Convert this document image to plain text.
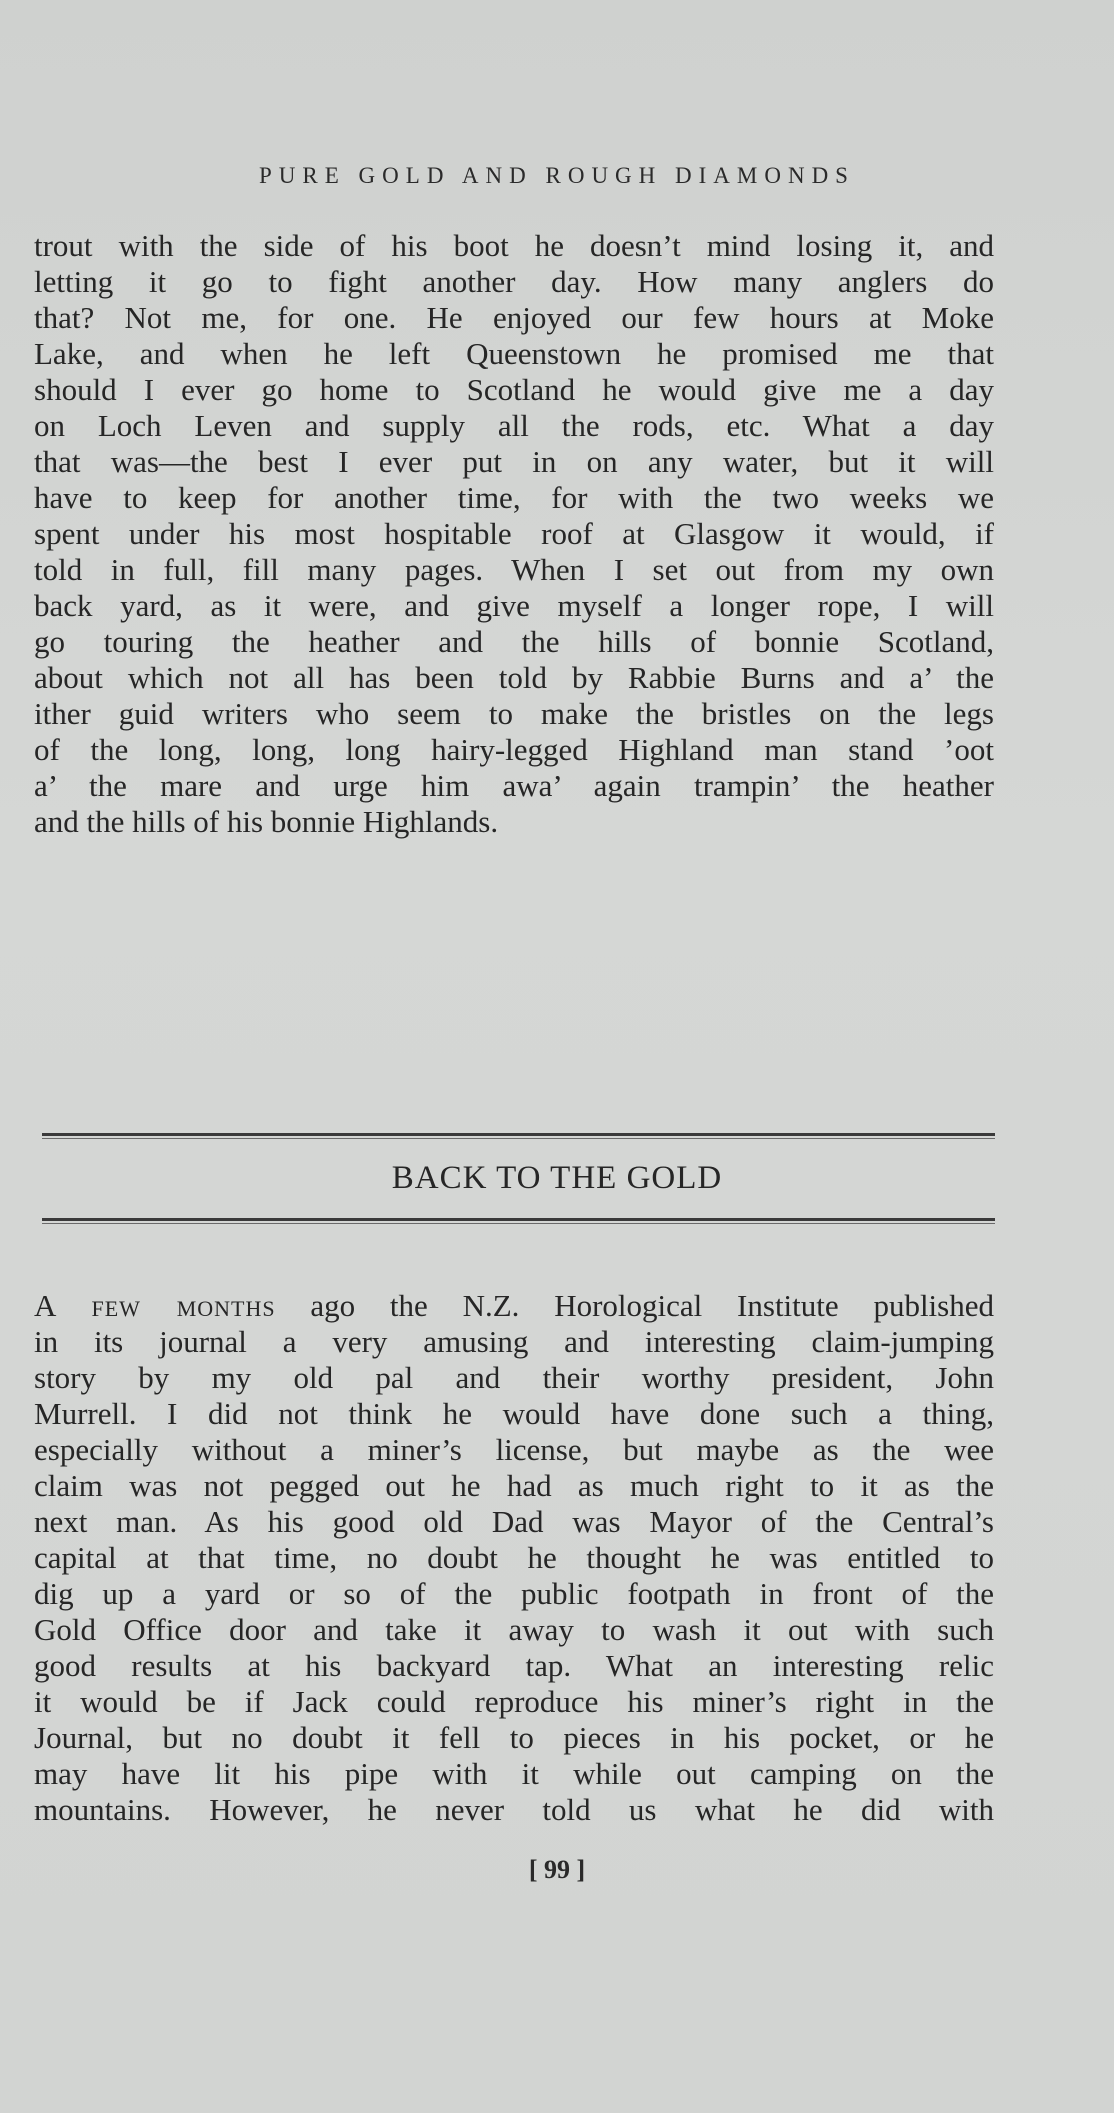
PURE GOLD AND ROUGH DIAMONDS
trout with the side of his boot he doesn’t mind losing it, and
letting it go to fight another day. How many anglers do
that? Not me, for one. He enjoyed our few hours at Moke
Lake, and when he left Queenstown he promised me that
should I ever go home to Scotland he would give me a day
on Loch Leven and supply all the rods, etc. What a day
that was—the best I ever put in on any water, but it will
have to keep for another time, for with the two weeks we
spent under his most hospitable roof at Glasgow it would, if
told in full, fill many pages. When I set out from my own
back yard, as it were, and give myself a longer rope, I will
go touring the heather and the hills of bonnie Scotland,
about which not all has been told by Rabbie Burns and a’ the
ither guid writers who seem to make the bristles on the legs
of the long, long, long hairy-legged Highland man stand ’oot
a’ the mare and urge him awa’ again trampin’ the heather
and the hills of his bonnie Highlands.
BACK TO THE GOLD
A few months ago the N.Z. Horological Institute published
in its journal a very amusing and interesting claim-jumping
story by my old pal and their worthy president, John
Murrell. I did not think he would have done such a thing,
especially without a miner’s license, but maybe as the wee
claim was not pegged out he had as much right to it as the
next man. As his good old Dad was Mayor of the Central’s
capital at that time, no doubt he thought he was entitled to
dig up a yard or so of the public footpath in front of the
Gold Office door and take it away to wash it out with such
good results at his backyard tap. What an interesting relic
it would be if Jack could reproduce his miner’s right in the
Journal, but no doubt it fell to pieces in his pocket, or he
may have lit his pipe with it while out camping on the
mountains. However, he never told us what he did with
[ 99 ]
